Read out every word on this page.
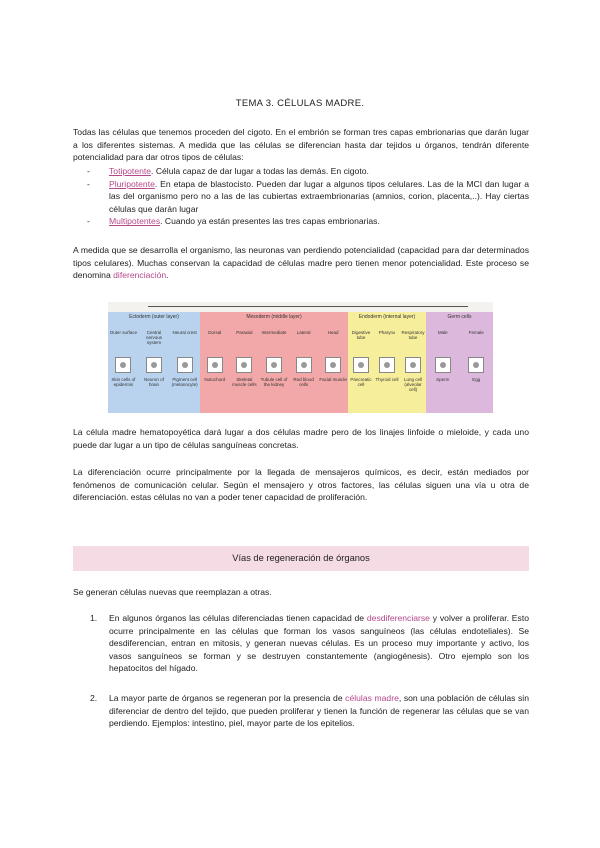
TEMA 3. CÉLULAS MADRE.

Todas las células que tenemos proceden del cigoto. En el embrión se forman tres capas embrionarias que darán lugar a los diferentes sistemas. A medida que las células se diferencian hasta dar tejidos u órganos, tendrán diferente potencialidad para dar otros tipos de células:

- Totipotente. Célula capaz de dar lugar a todas las demás. En cigoto.
- Pluripotente. En etapa de blastocisto. Pueden dar lugar a algunos tipos celulares. Las de la MCI dan lugar a las del organismo pero no a las de las cubiertas extraembrionarias (amnios, corion, placenta,..). Hay ciertas células que darán lugar
- Multipotentes. Cuando ya están presentes las tres capas embrionarias.

A medida que se desarrolla el organismo, las neuronas van perdiendo potencialidad (capacidad para dar determinados tipos celulares). Muchas conservan la capacidad de células madre pero tienen menor potencialidad. Este proceso se denomina diferenciación.

Ectoderm (outer layer)
Outer surface
Skin cells of epidermis
Central nervous system
Neuron of brain
Neural crest
Pigment cell (melanocyte)
Mesoderm (middle layer)
Dorsal
Notochord
Paraxial
Skeletal muscle cells
Intermediate
Tubule cell of the kidney
Lateral
Red blood cells
Head
Facial muscle
Endoderm (internal layer)
Digestive tube
Pancreatic cell
Pharynx
Thyroid cell
Respiratory tube
Lung cell (alveolar cell)
Germ cells
Male
Sperm
Female
Egg

La célula madre hematopoyética dará lugar a dos células madre pero de los linajes linfoide o mieloide, y cada uno puede dar lugar a un tipo de células sanguíneas concretas.

La diferenciación ocurre principalmente por la llegada de mensajeros químicos, es decir, están mediados por fenómenos de comunicación celular. Según el mensajero y otros factores, las células siguen una vía u otra de diferenciación. estas células no van a poder tener capacidad de proliferación.

Vías de regeneración de órganos

Se generan células nuevas que reemplazan a otras.

1. En algunos órganos las células diferenciadas tienen capacidad de desdiferenciarse y volver a proliferar. Esto ocurre principalmente en las células que forman los vasos sanguíneos (las células endoteliales). Se desdiferencian, entran en mitosis, y generan nuevas células. Es un proceso muy importante y activo, los vasos sanguíneos se forman y se destruyen constantemente (angiogénesis). Otro ejemplo son los hepatocitos del hígado.
2. La mayor parte de órganos se regeneran por la presencia de células madre, son una población de células sin diferenciar de dentro del tejido, que pueden proliferar y tienen la función de regenerar las células que se van perdiendo. Ejemplos: intestino, piel, mayor parte de los epitelios.
